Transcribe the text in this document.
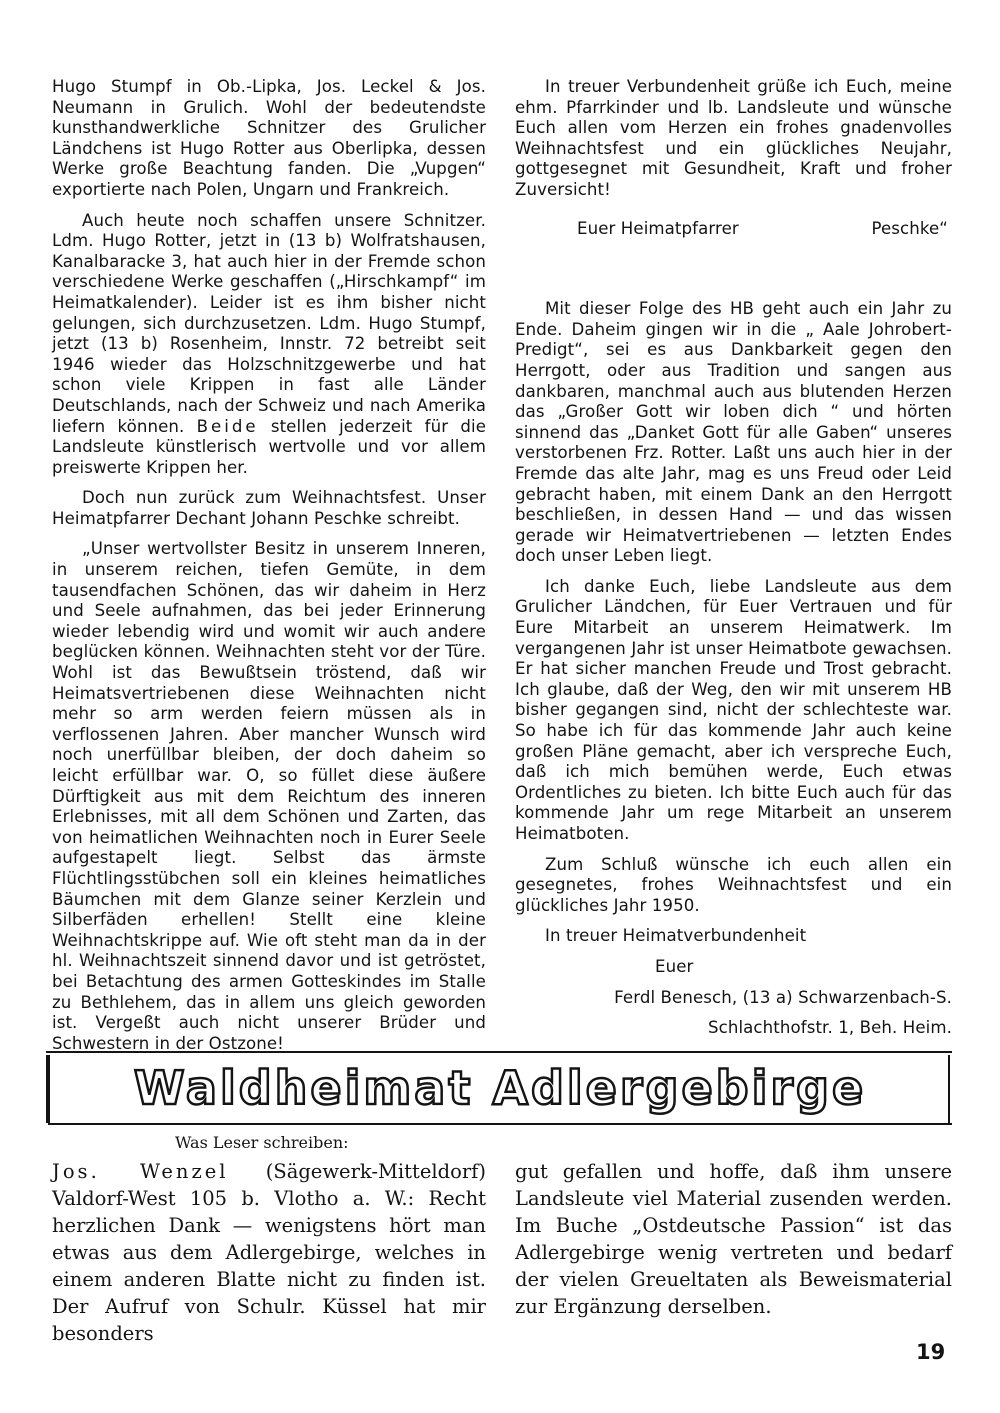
Hugo Stumpf in Ob.-Lipka, Jos. Leckel & Jos. Neumann in Grulich. Wohl der bedeutendste kunsthandwerkliche Schnitzer des Grulicher Ländchens ist Hugo Rotter aus Oberlipka, dessen Werke große Beachtung fanden. Die „Vupgen“ exportierte nach Polen, Ungarn und Frankreich.

Auch heute noch schaffen unsere Schnitzer. Ldm. Hugo Rotter, jetzt in (13 b) Wolfratshausen, Kanalbaracke 3, hat auch hier in der Fremde schon verschiedene Werke geschaffen („Hirschkampf“ im Heimatkalender). Leider ist es ihm bisher nicht gelungen, sich durchzusetzen. Ldm. Hugo Stumpf, jetzt (13 b) Rosenheim, Innstr. 72 betreibt seit 1946 wieder das Holzschnitzgewerbe und hat schon viele Krippen in fast alle Länder Deutschlands, nach der Schweiz und nach Amerika liefern können. Beide stellen jederzeit für die Landsleute künstlerisch wertvolle und vor allem preiswerte Krippen her.

Doch nun zurück zum Weihnachtsfest. Unser Heimatpfarrer Dechant Johann Peschke schreibt.

„Unser wertvollster Besitz in unserem Inneren, in unserem reichen, tiefen Gemüte, in dem tausendfachen Schönen, das wir daheim in Herz und Seele aufnahmen, das bei jeder Erinnerung wieder lebendig wird und womit wir auch andere beglücken können. Weihnachten steht vor der Türe. Wohl ist das Bewußtsein tröstend, daß wir Heimatsvertriebenen diese Weihnachten nicht mehr so arm werden feiern müssen als in verflossenen Jahren. Aber mancher Wunsch wird noch unerfüllbar bleiben, der doch daheim so leicht erfüllbar war. O, so füllet diese äußere Dürftigkeit aus mit dem Reichtum des inneren Erlebnisses, mit all dem Schönen und Zarten, das von heimatlichen Weihnachten noch in Eurer Seele aufgestapelt liegt. Selbst das ärmste Flüchtlingsstübchen soll ein kleines heimatliches Bäumchen mit dem Glanze seiner Kerzlein und Silberfäden erhellen! Stellt eine kleine Weihnachtskrippe auf. Wie oft steht man da in der hl. Weihnachtszeit sinnend davor und ist getröstet, bei Betachtung des armen Gotteskindes im Stalle zu Bethlehem, das in allem uns gleich geworden ist. Vergeßt auch nicht unserer Brüder und Schwestern in der Ostzone!

In treuer Verbundenheit grüße ich Euch, meine ehm. Pfarrkinder und lb. Landsleute und wünsche Euch allen vom Herzen ein frohes gnadenvolles Weihnachtsfest und ein glückliches Neujahr, gottgesegnet mit Gesundheit, Kraft und froher Zuversicht!

Euer Heimatpfarrer	Peschke“

Mit dieser Folge des HB geht auch ein Jahr zu Ende. Daheim gingen wir in die „ Aale Johrobert-Predigt“, sei es aus Dankbarkeit gegen den Herrgott, oder aus Tradition und sangen aus dankbaren, manchmal auch aus blutenden Herzen das „Großer Gott wir loben dich “ und hörten sinnend das „Danket Gott für alle Gaben“ unseres verstorbenen Frz. Rotter. Laßt uns auch hier in der Fremde das alte Jahr, mag es uns Freud oder Leid gebracht haben, mit einem Dank an den Herrgott beschließen, in dessen Hand — und das wissen gerade wir Heimatvertriebenen — letzten Endes doch unser Leben liegt.

Ich danke Euch, liebe Landsleute aus dem Grulicher Ländchen, für Euer Vertrauen und für Eure Mitarbeit an unserem Heimatwerk. Im vergangenen Jahr ist unser Heimatbote gewachsen. Er hat sicher manchen Freude und Trost gebracht. Ich glaube, daß der Weg, den wir mit unserem HB bisher gegangen sind, nicht der schlechteste war. So habe ich für das kommende Jahr auch keine großen Pläne gemacht, aber ich verspreche Euch, daß ich mich bemühen werde, Euch etwas Ordentliches zu bieten. Ich bitte Euch auch für das kommende Jahr um rege Mitarbeit an unserem Heimatboten.

Zum Schluß wünsche ich euch allen ein gesegnetes, frohes Weihnachtsfest und ein glückliches Jahr 1950.

In treuer Heimatverbundenheit

Euer

Ferdl Benesch, (13 a) Schwarzenbach-S.

Schlachthofstr. 1, Beh. Heim.

Waldheimat Adlergebirge
Was Leser schreiben:

Jos. Wenzel (Sägewerk-Mitteldorf) Valdorf-West 105 b. Vlotho a. W.: Recht herzlichen Dank — wenigstens hört man etwas aus dem Adlergebirge, welches in einem anderen Blatte nicht zu finden ist. Der Aufruf von Schulr. Küssel hat mir besonders

gut gefallen und hoffe, daß ihm unsere Landsleute viel Material zusenden werden. Im Buche „Ostdeutsche Passion“ ist das Adlergebirge wenig vertreten und bedarf der vielen Greueltaten als Beweismaterial zur Ergänzung derselben.

19
